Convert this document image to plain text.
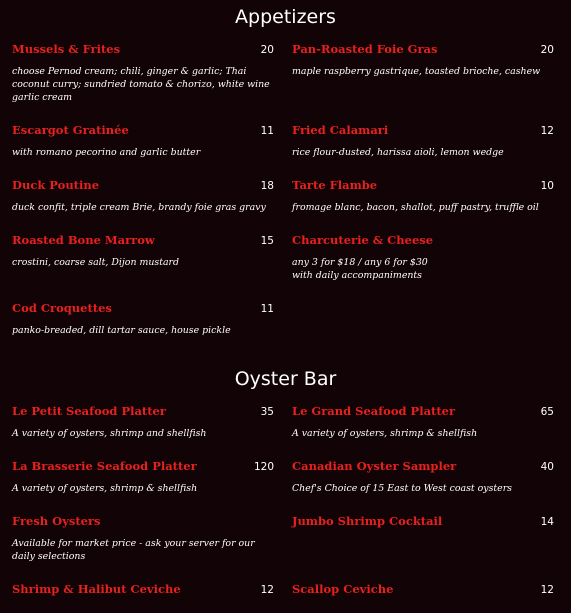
Appetizers
Mussels & Frites	20
choose Pernod cream; chili, ginger & garlic; Thai
coconut curry; sundried tomato & chorizo, white wine
garlic cream
Pan-Roasted Foie Gras	20
maple raspberry gastrique, toasted brioche, cashew
Escargot Gratinée	11
with romano pecorino and garlic butter
Fried Calamari	12
rice flour-dusted, harissa aioli, lemon wedge
Duck Poutine	18
duck confit, triple cream Brie, brandy foie gras gravy
Tarte Flambe	10
fromage blanc, bacon, shallot, puff pastry, truffle oil
Roasted Bone Marrow	15
crostini, coarse salt, Dijon mustard
Charcuterie & Cheese
any 3 for $18 / any 6 for $30
with daily accompaniments
Cod Croquettes	11
panko-breaded, dill tartar sauce, house pickle
Oyster Bar
Le Petit Seafood Platter	35
A variety of oysters, shrimp and shellfish
Le Grand Seafood Platter	65
A variety of oysters, shrimp & shellfish
La Brasserie Seafood Platter	120
A variety of oysters, shrimp & shellfish
Canadian Oyster Sampler	40
Chef's Choice of 15 East to West coast oysters
Fresh Oysters
Available for market price - ask your server for our
daily selections
Jumbo Shrimp Cocktail	14
Shrimp & Halibut Ceviche	12 Scallop Ceviche	12
